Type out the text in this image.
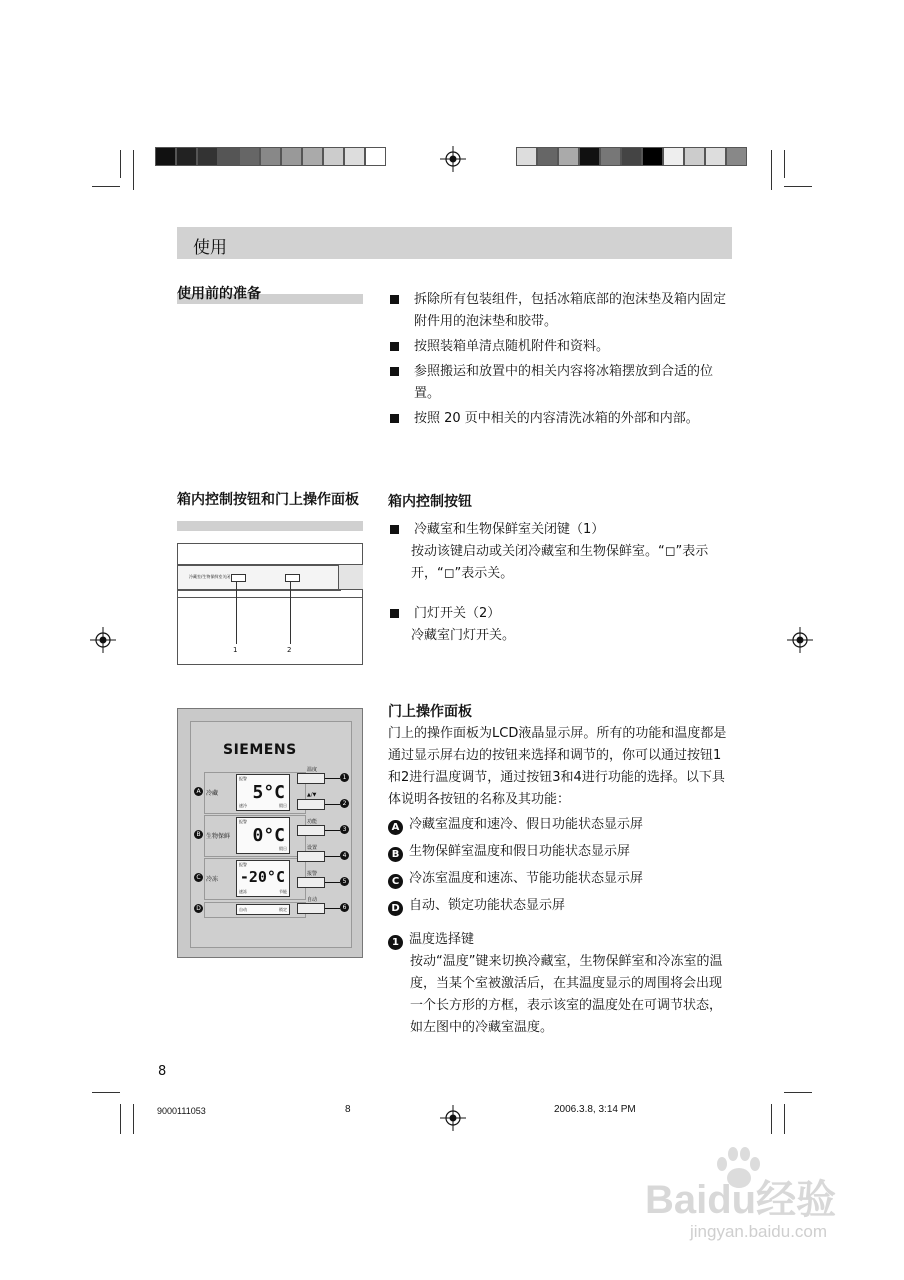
使用
使用前的准备	拆除所有包装组件，包括冰箱底部的泡沫垫及箱内固定附件用的泡沫垫和胶带。
按照装箱单清点随机附件和资料。
参照搬运和放置中的相关内容将冰箱摆放到合适的位置。
按照 20 页中相关的内容清洗冰箱的外部和内部。
箱内控制按钮和门上操作面板
冷藏室/生物保鲜室关闭
1	2
箱内控制按钮
冷藏室和生物保鲜室关闭键（1）
按动该键启动或关闭冷藏室和生物保鲜室。“◻”表示开，“◻”表示关。
门灯开关（2）
冷藏室门灯开关。
SIEMENS
A 冷藏
报警
5°C
速冷	假日
B 生物保鲜
报警
0°C
假日
C 冷冻
报警
-20°C
速冻	节能
D	自动	锁定
温度
1
▲/▼
2
功能
3
设置
4
报警
5
自动
6
门上操作面板
门上的操作面板为LCD液晶显示屏。所有的功能和温度都是通过显示屏右边的按钮来选择和调节的，你可以通过按钮1和2进行温度调节，通过按钮3和4进行功能的选择。以下具体说明各按钮的名称及其功能：
A 冷藏室温度和速冷、假日功能状态显示屏
B 生物保鲜室温度和假日功能状态显示屏
C 冷冻室温度和速冻、节能功能状态显示屏
D 自动、锁定功能状态显示屏
1 温度选择键
按动“温度”键来切换冷藏室，生物保鲜室和冷冻室的温度，当某个室被激活后，在其温度显示的周围将会出现一个长方形的方框，表示该室的温度处在可调节状态，如左图中的冷藏室温度。
8
9000111053	8	2006.3.8, 3:14 PM
Baidu经验
jingyan.baidu.com
